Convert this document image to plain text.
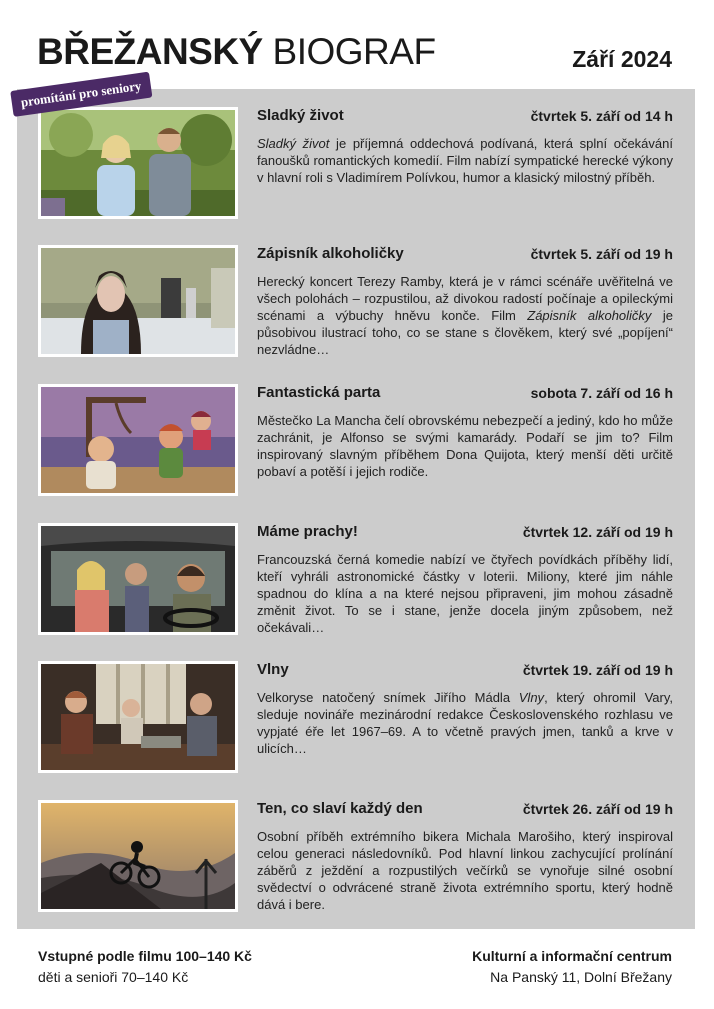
BŘEŽANSKÝ BIOGRAF	Září 2024
promítání pro seniory
Sladký život	čtvrtek 5. září od 14 h
Sladký život je příjemná oddechová podívaná, která splní očekávání fanoušků romantických komedií. Film nabízí sympatické herecké výkony v hlavní roli s Vladimírem Polívkou, humor a klasický milostný příběh.
Zápisník alkoholičky	čtvrtek 5. září od 19 h
Herecký koncert Terezy Ramby, která je v rámci scénáře uvěřitelná ve všech polohách – rozpustilou, až divokou radostí počínaje a opileckými scénami a výbuchy hněvu konče. Film Zápisník alkoholičky je působivou ilustrací toho, co se stane s člověkem, který své „popíjení“ nezvládne…
Fantastická parta	sobota 7. září od 16 h
Městečko La Mancha čelí obrovskému nebezpečí a jediný, kdo ho může zachránit, je Alfonso se svými kamarády. Podaří se jim to? Film inspirovaný slavným příběhem Dona Quijota, který menší děti určitě pobaví a potěší i jejich rodiče.
Máme prachy!	čtvrtek 12. září od 19 h
Francouzská černá komedie nabízí ve čtyřech povídkách příběhy lidí, kteří vyhráli astronomické částky v loterii. Miliony, které jim náhle spadnou do klína a na které nejsou připraveni, jim mohou zásadně změnit život. To se i stane, jenže docela jiným způsobem, než očekávali…
Vlny	čtvrtek 19. září od 19 h
Velkoryse natočený snímek Jiřího Mádla Vlny, který ohromil Vary, sleduje novináře mezinárodní redakce Československého rozhlasu ve vypjaté éře let 1967–69. A to včetně pravých jmen, tanků a krve v ulicích…
Ten, co slaví každý den	čtvrtek 26. září od 19 h
Osobní příběh extrémního bikera Michala Marošiho, který inspiroval celou generaci následovníků. Pod hlavní linkou zachycující prolínání záběrů z ježdění a rozpustilých večírků se vynořuje silné osobní svědectví o odvrácené straně života extrémního sportu, který hodně dává i bere.
Vstupné podle filmu 100–140 Kč
děti a senioři 70–140 Kč
Kulturní a informační centrum
Na Panský 11, Dolní Břežany
